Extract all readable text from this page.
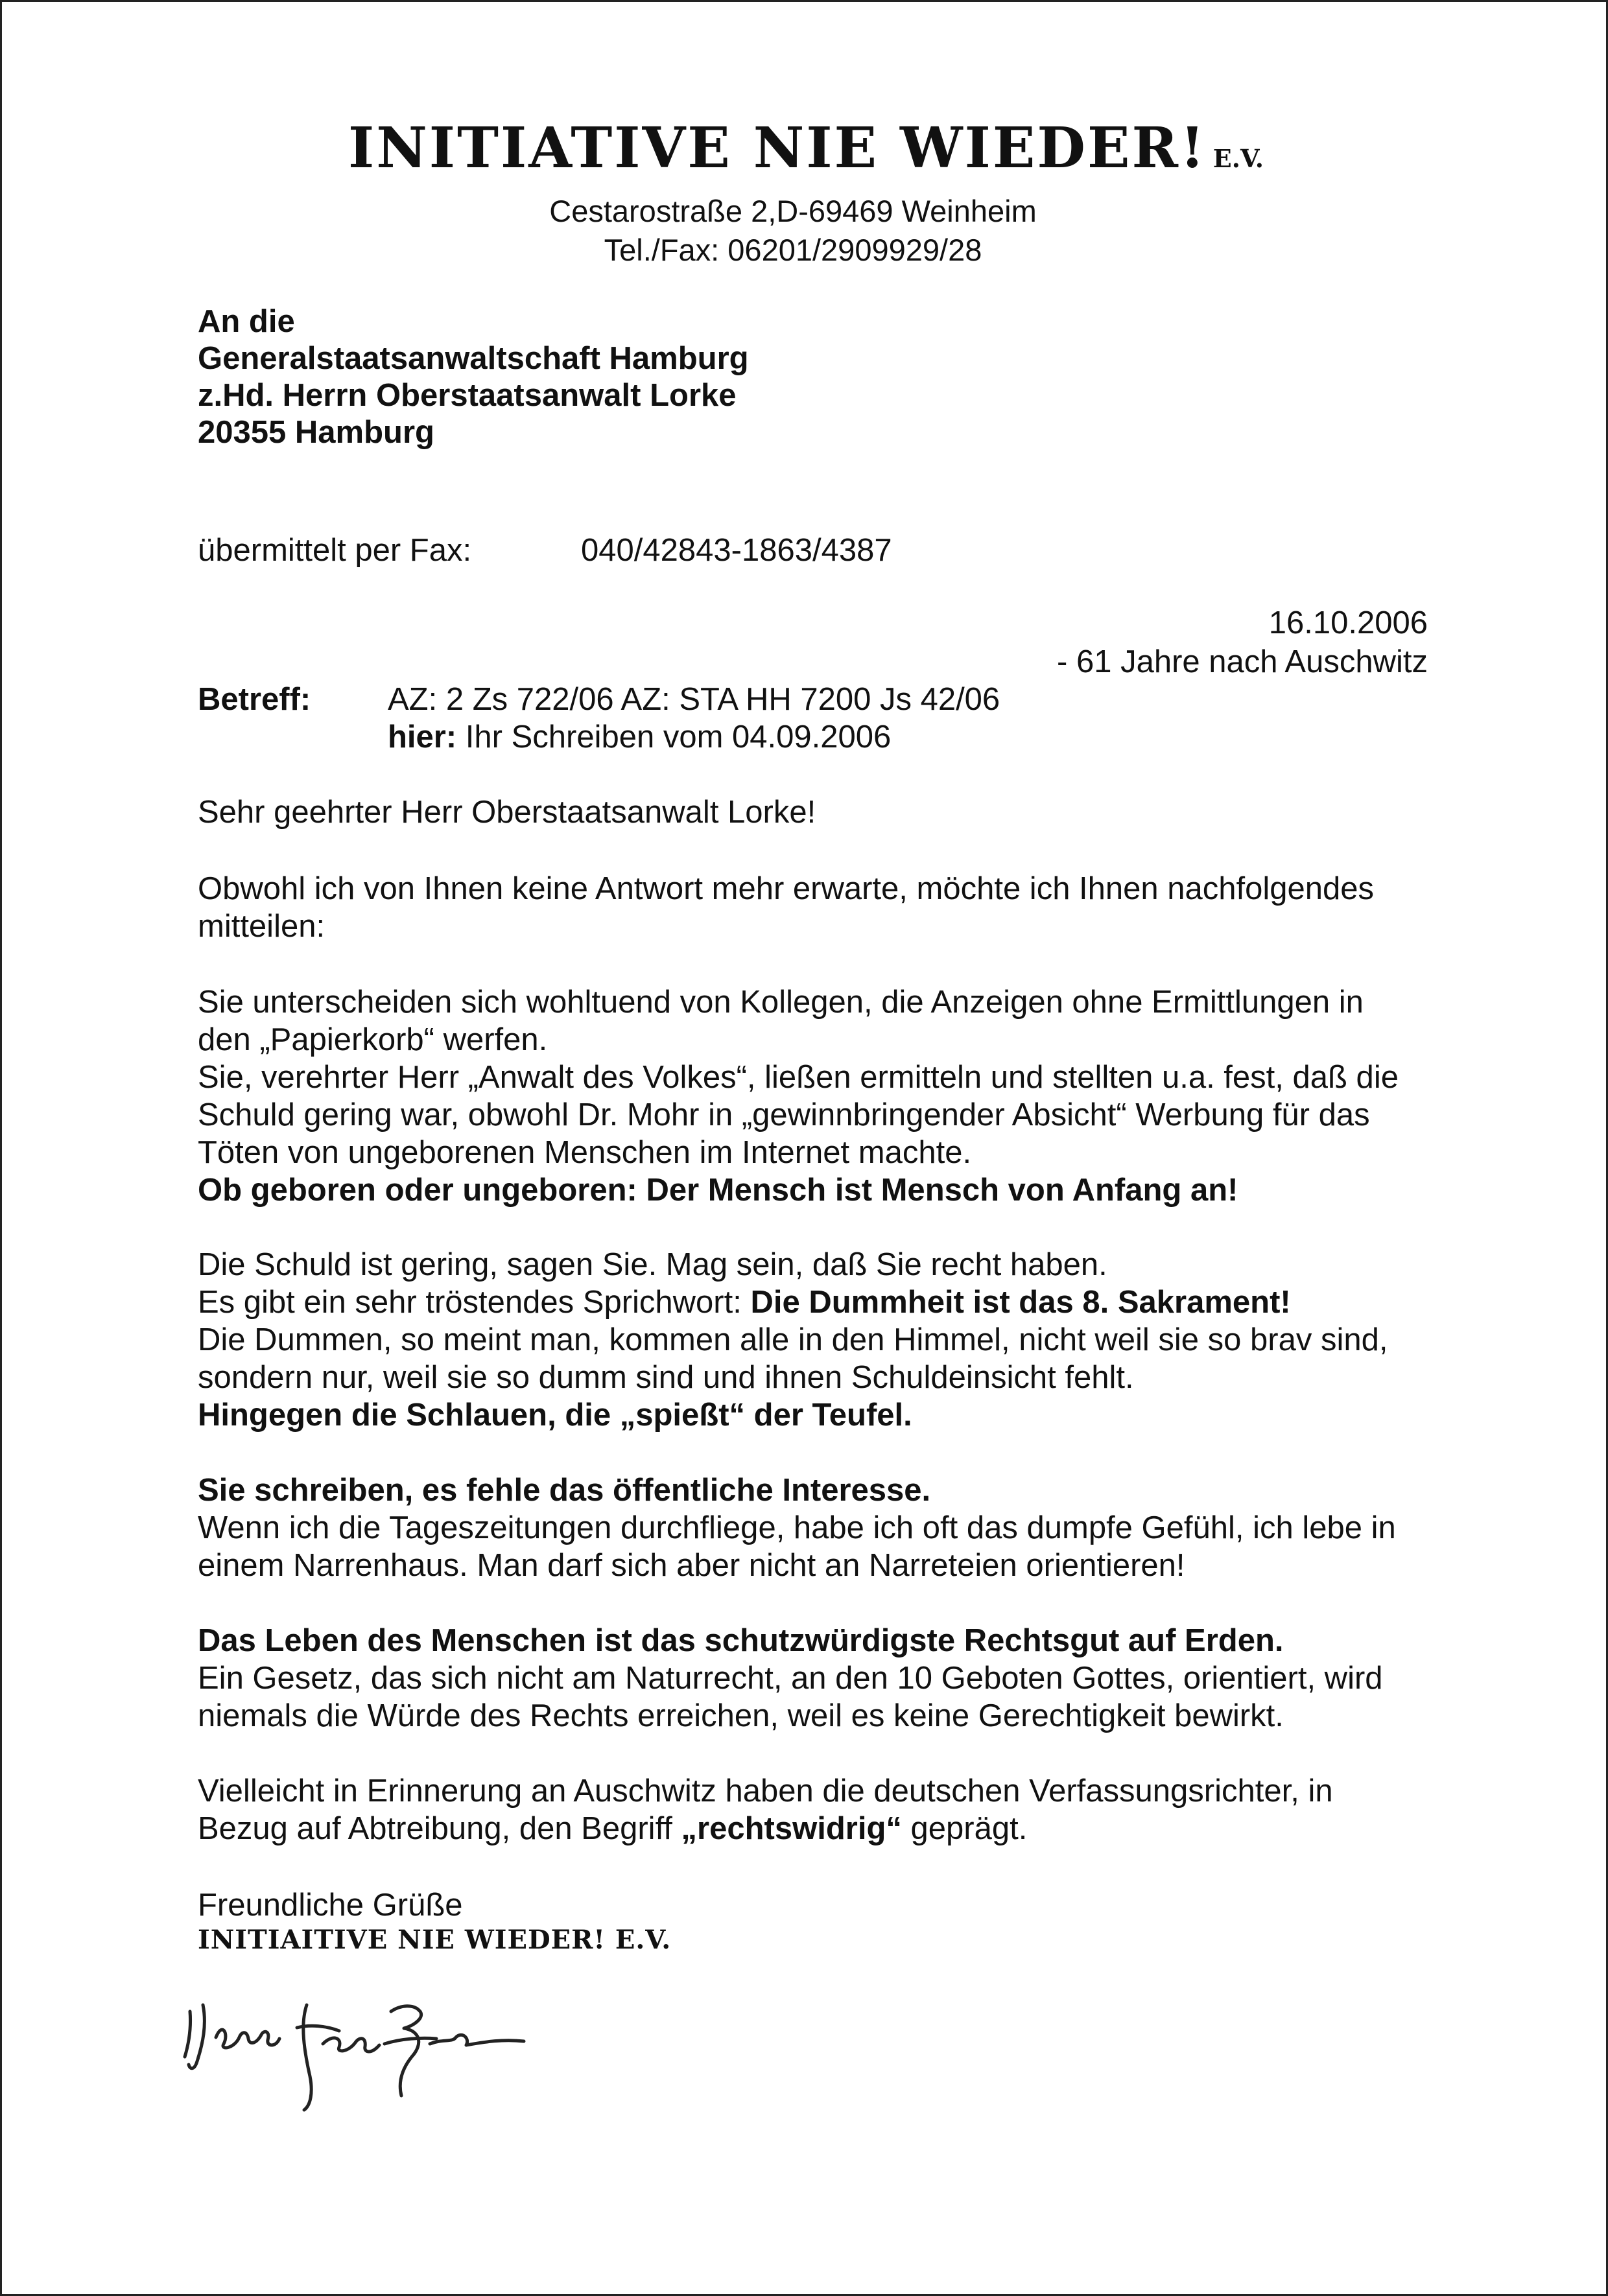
INITIATIVE NIE WIEDER! E.V.
Cestarostraße 2,D-69469 Weinheim
Tel./Fax: 06201/2909929/28
An die
Generalstaatsanwaltschaft Hamburg
z.Hd. Herrn Oberstaatsanwalt Lorke
20355 Hamburg
übermittelt per Fax:	040/42843-1863/4387
16.10.2006
- 61 Jahre nach Auschwitz
Betreff: AZ: 2 Zs 722/06 AZ: STA HH 7200 Js 42/06
hier: Ihr Schreiben vom 04.09.2006
Sehr geehrter Herr Oberstaatsanwalt Lorke!
Obwohl ich von Ihnen keine Antwort mehr erwarte, möchte ich Ihnen nachfolgendes
mitteilen:
Sie unterscheiden sich wohltuend von Kollegen, die Anzeigen ohne Ermittlungen in
den „Papierkorb“ werfen.
Sie, verehrter Herr „Anwalt des Volkes“, ließen ermitteln und stellten u.a. fest, daß die
Schuld gering war, obwohl Dr. Mohr in „gewinnbringender Absicht“ Werbung für das
Töten von ungeborenen Menschen im Internet machte.
Ob geboren oder ungeboren: Der Mensch ist Mensch von Anfang an!
Die Schuld ist gering, sagen Sie. Mag sein, daß Sie recht haben.
Es gibt ein sehr tröstendes Sprichwort: Die Dummheit ist das 8. Sakrament!
Die Dummen, so meint man, kommen alle in den Himmel, nicht weil sie so brav sind,
sondern nur, weil sie so dumm sind und ihnen Schuldeinsicht fehlt.
Hingegen die Schlauen, die „spießt“ der Teufel.
Sie schreiben, es fehle das öffentliche Interesse.
Wenn ich die Tageszeitungen durchfliege, habe ich oft das dumpfe Gefühl, ich lebe in
einem Narrenhaus. Man darf sich aber nicht an Narreteien orientieren!
Das Leben des Menschen ist das schutzwürdigste Rechtsgut auf Erden.
Ein Gesetz, das sich nicht am Naturrecht, an den 10 Geboten Gottes, orientiert, wird
niemals die Würde des Rechts erreichen, weil es keine Gerechtigkeit bewirkt.
Vielleicht in Erinnerung an Auschwitz haben die deutschen Verfassungsrichter, in
Bezug auf Abtreibung, den Begriff „rechtswidrig“ geprägt.
Freundliche Grüße
INITIAITIVE NIE WIEDER! E.V.
